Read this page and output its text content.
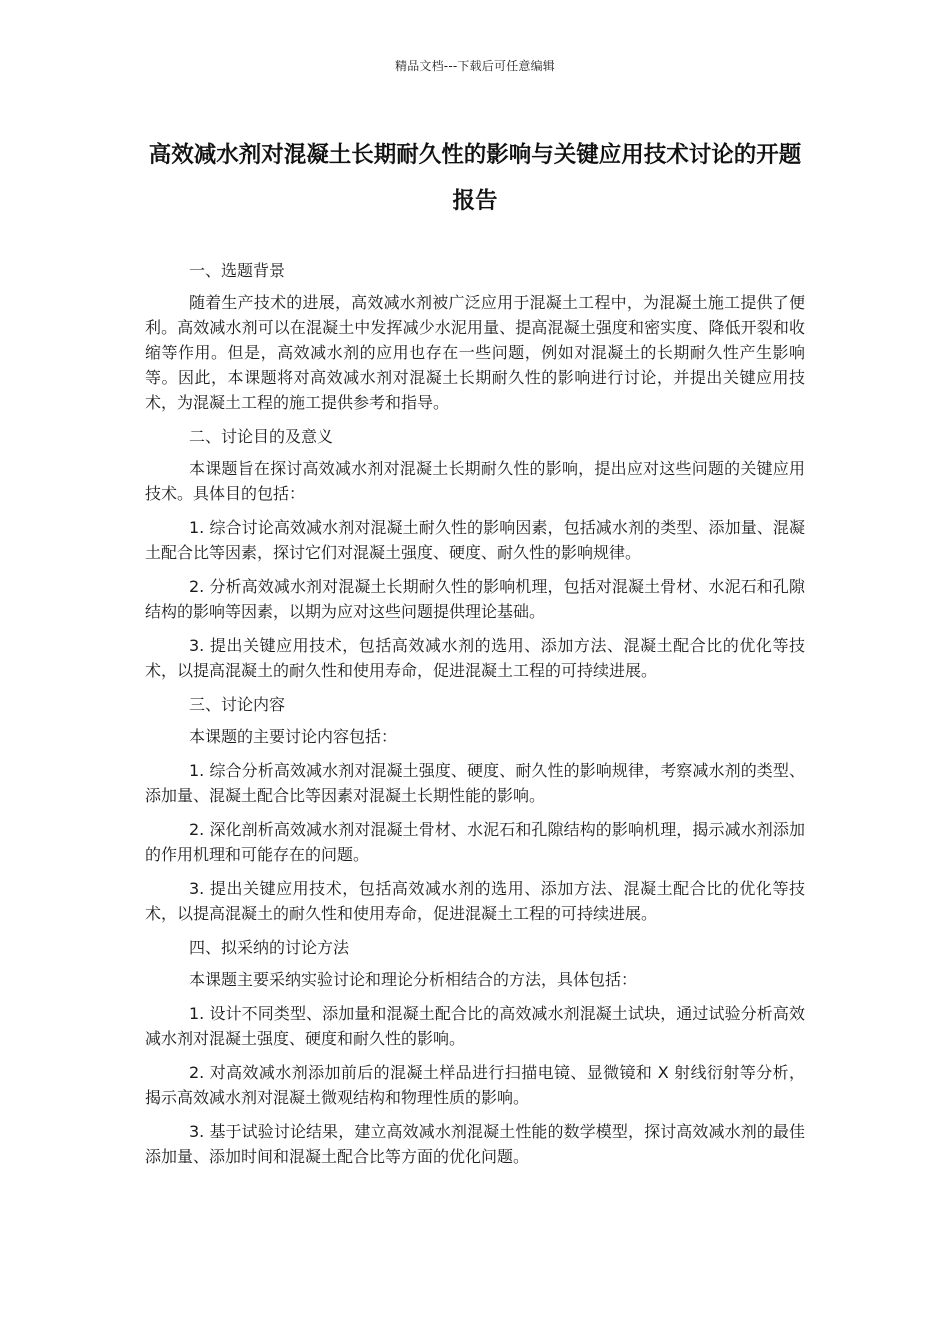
精品文档---下载后可任意编辑
高效减水剂对混凝土长期耐久性的影响与关键应用技术讨论的开题报告
一、选题背景

随着生产技术的进展，高效减水剂被广泛应用于混凝土工程中，为混凝土施工提供了便利。高效减水剂可以在混凝土中发挥减少水泥用量、提高混凝土强度和密实度、降低开裂和收缩等作用。但是，高效减水剂的应用也存在一些问题，例如对混凝土的长期耐久性产生影响等。因此，本课题将对高效减水剂对混凝土长期耐久性的影响进行讨论，并提出关键应用技术，为混凝土工程的施工提供参考和指导。

二、讨论目的及意义

本课题旨在探讨高效减水剂对混凝土长期耐久性的影响，提出应对这些问题的关键应用技术。具体目的包括：

1. 综合讨论高效减水剂对混凝土耐久性的影响因素，包括减水剂的类型、添加量、混凝土配合比等因素，探讨它们对混凝土强度、硬度、耐久性的影响规律。

2. 分析高效减水剂对混凝土长期耐久性的影响机理，包括对混凝土骨材、水泥石和孔隙结构的影响等因素，以期为应对这些问题提供理论基础。

3. 提出关键应用技术，包括高效减水剂的选用、添加方法、混凝土配合比的优化等技术，以提高混凝土的耐久性和使用寿命，促进混凝土工程的可持续进展。

三、讨论内容

本课题的主要讨论内容包括：

1. 综合分析高效减水剂对混凝土强度、硬度、耐久性的影响规律，考察减水剂的类型、添加量、混凝土配合比等因素对混凝土长期性能的影响。

2. 深化剖析高效减水剂对混凝土骨材、水泥石和孔隙结构的影响机理，揭示减水剂添加的作用机理和可能存在的问题。

3. 提出关键应用技术，包括高效减水剂的选用、添加方法、混凝土配合比的优化等技术，以提高混凝土的耐久性和使用寿命，促进混凝土工程的可持续进展。

四、拟采纳的讨论方法

本课题主要采纳实验讨论和理论分析相结合的方法，具体包括：

1. 设计不同类型、添加量和混凝土配合比的高效减水剂混凝土试块，通过试验分析高效减水剂对混凝土强度、硬度和耐久性的影响。

2. 对高效减水剂添加前后的混凝土样品进行扫描电镜、显微镜和 X 射线衍射等分析，揭示高效减水剂对混凝土微观结构和物理性质的影响。

3. 基于试验讨论结果，建立高效减水剂混凝土性能的数学模型，探讨高效减水剂的最佳添加量、添加时间和混凝土配合比等方面的优化问题。
